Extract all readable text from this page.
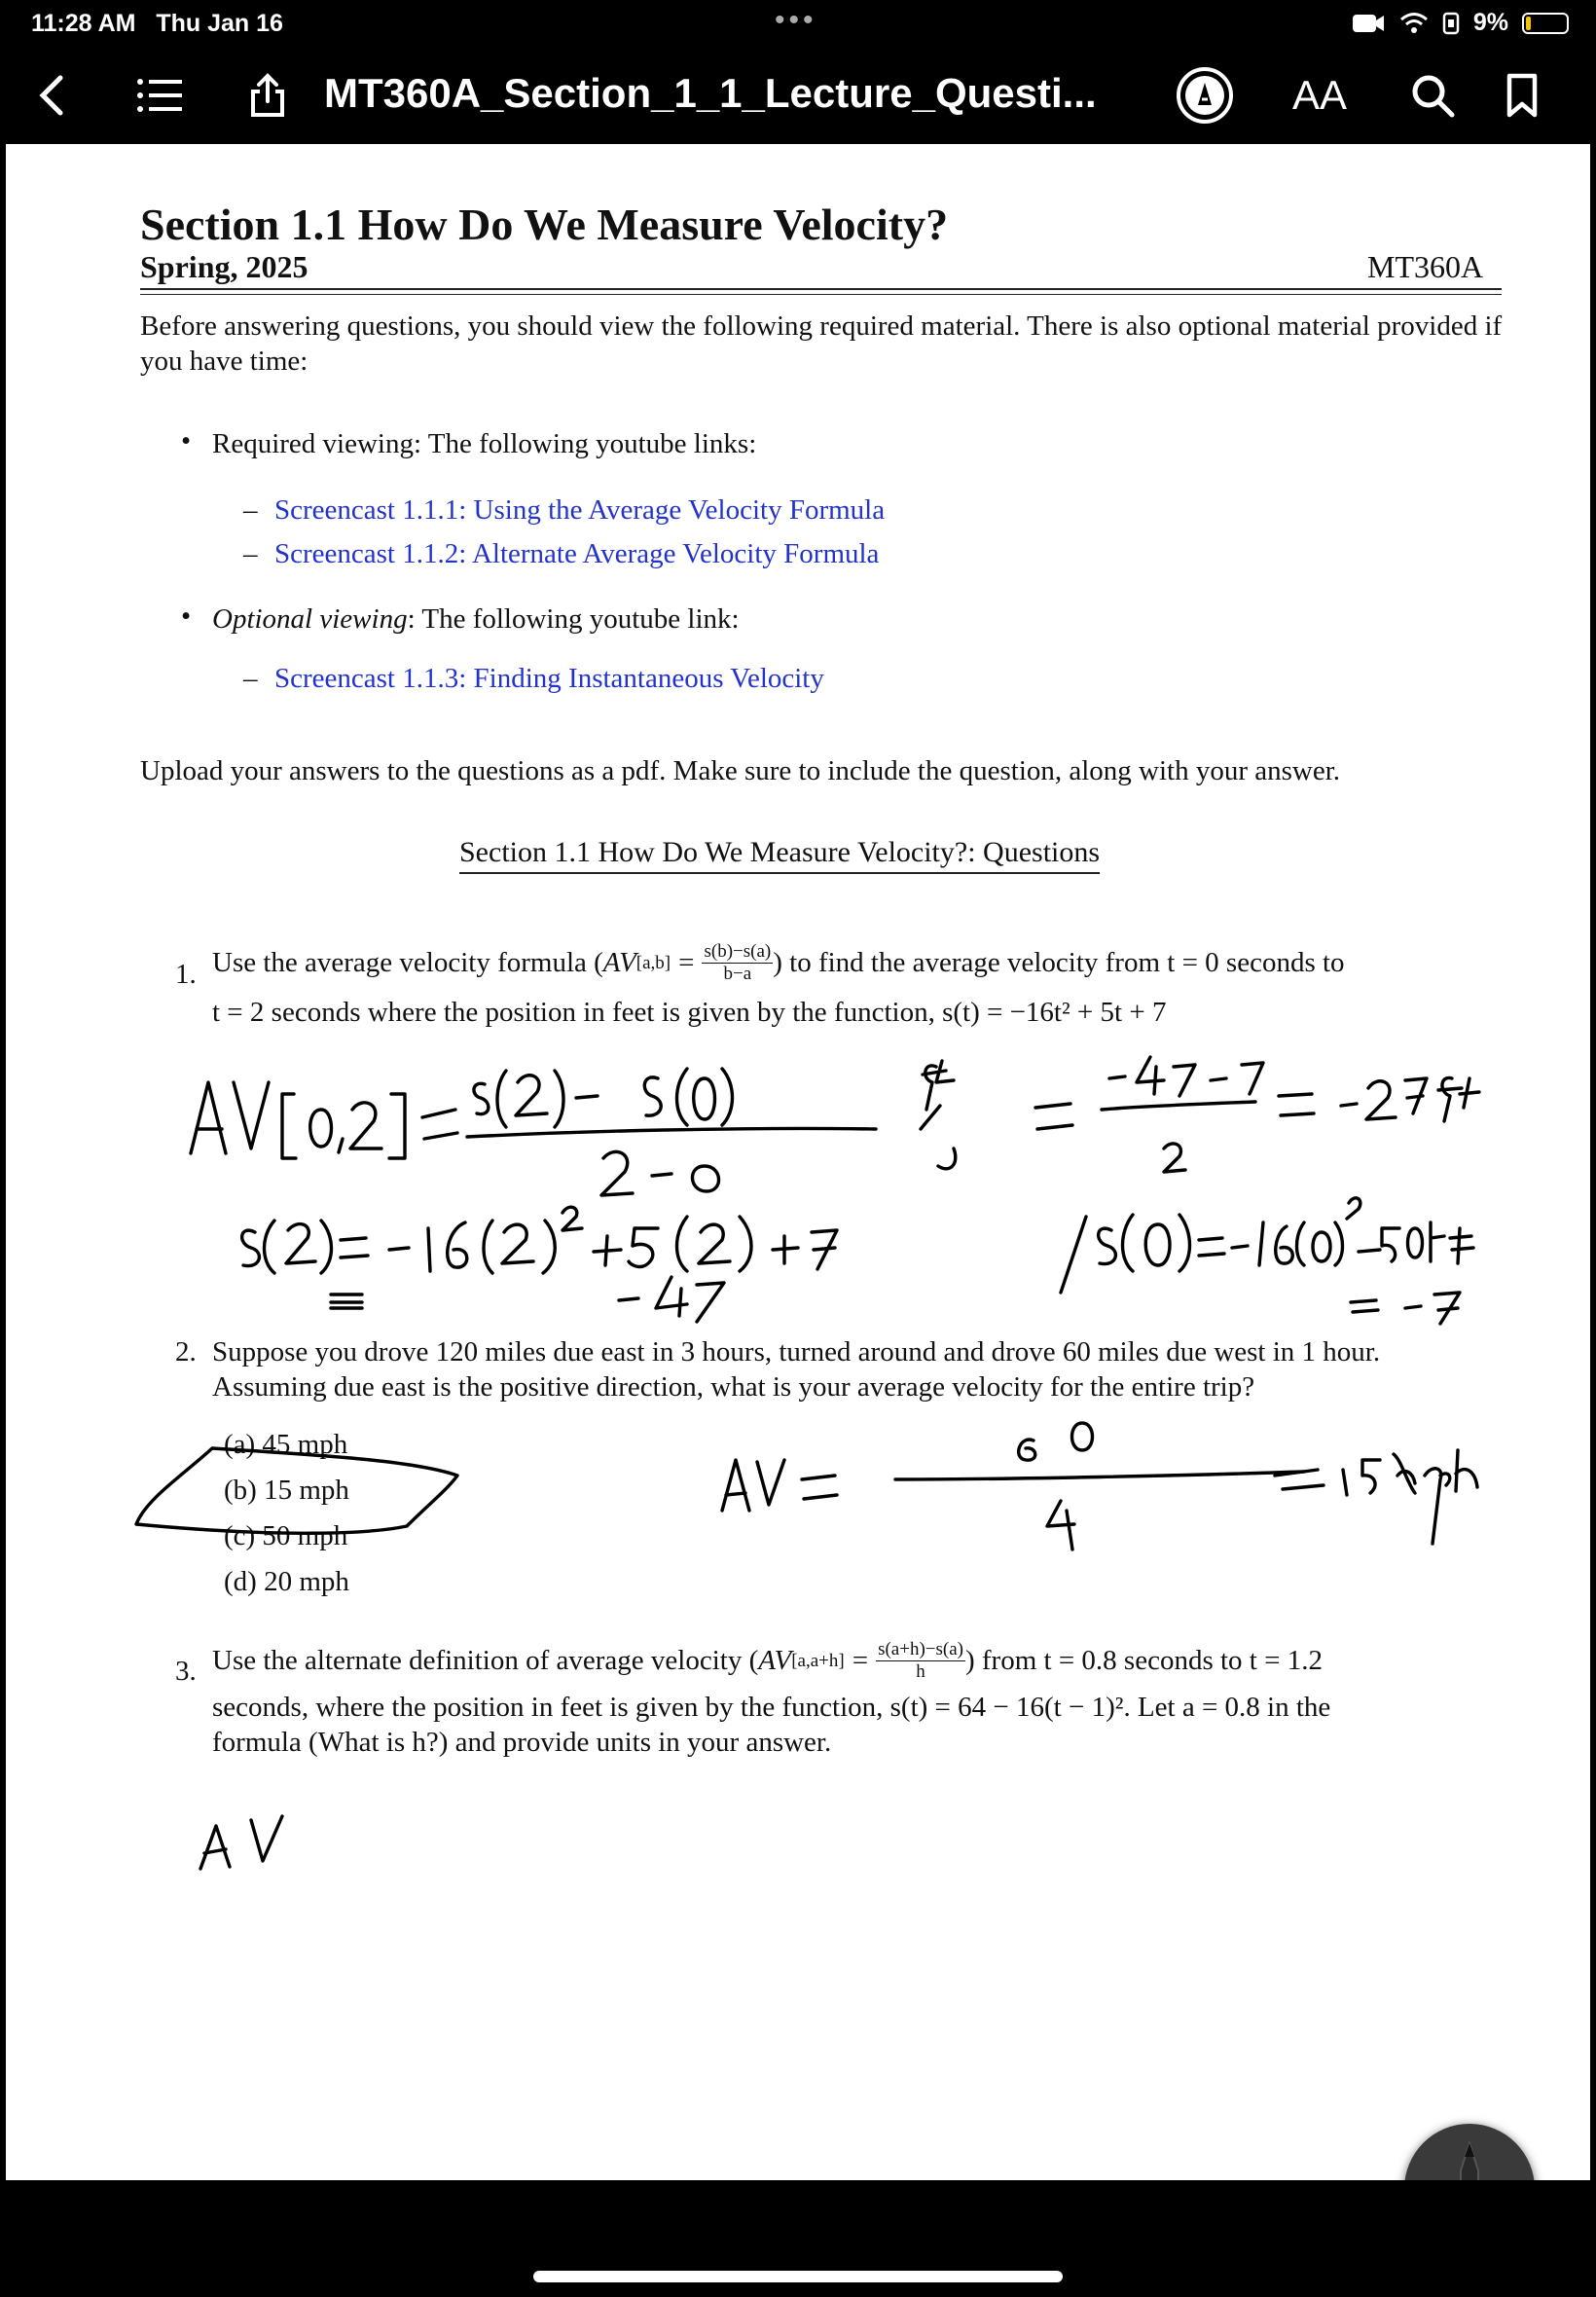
11:28 AM Thu Jan 16	•••	9%
MT360A_Section_1_1_Lecture_Questi...	AA
Section 1.1 How Do We Measure Velocity?
Spring, 2025	MT360A
Before answering questions, you should view the following required material. There is also optional material provided if you have time:
• Required viewing: The following youtube links:
– Screencast 1.1.1: Using the Average Velocity Formula
– Screencast 1.1.2: Alternate Average Velocity Formula
• Optional viewing: The following youtube link:
– Screencast 1.1.3: Finding Instantaneous Velocity
Upload your answers to the questions as a pdf. Make sure to include the question, along with your answer.
Section 1.1 How Do We Measure Velocity?: Questions
1. Use the average velocity formula ( AV $[a,b] = \frac{s(b)-s(a)}{b-a}$ ) to find the average velocity from t = 0 seconds to
t = 2 seconds where the position in feet is given by the function, s(t) = −16t² + 5t + 7
2. Suppose you drove 120 miles due east in 3 hours, turned around and drove 60 miles due west in 1 hour.
Assuming due east is the positive direction, what is your average velocity for the entire trip?
(a) 45 mph
(b) 15 mph
(c) 50 mph
(d) 20 mph
3. Use the alternate definition of average velocity ( AV $[a,a+h] = \frac{s(a+h)-s(a)}{h}$ ) from t = 0.8 seconds to t = 1.2
seconds, where the position in feet is given by the function, s(t) = 64 − 16(t − 1)². Let a = 0.8 in the
formula (What is h?) and provide units in your answer.
